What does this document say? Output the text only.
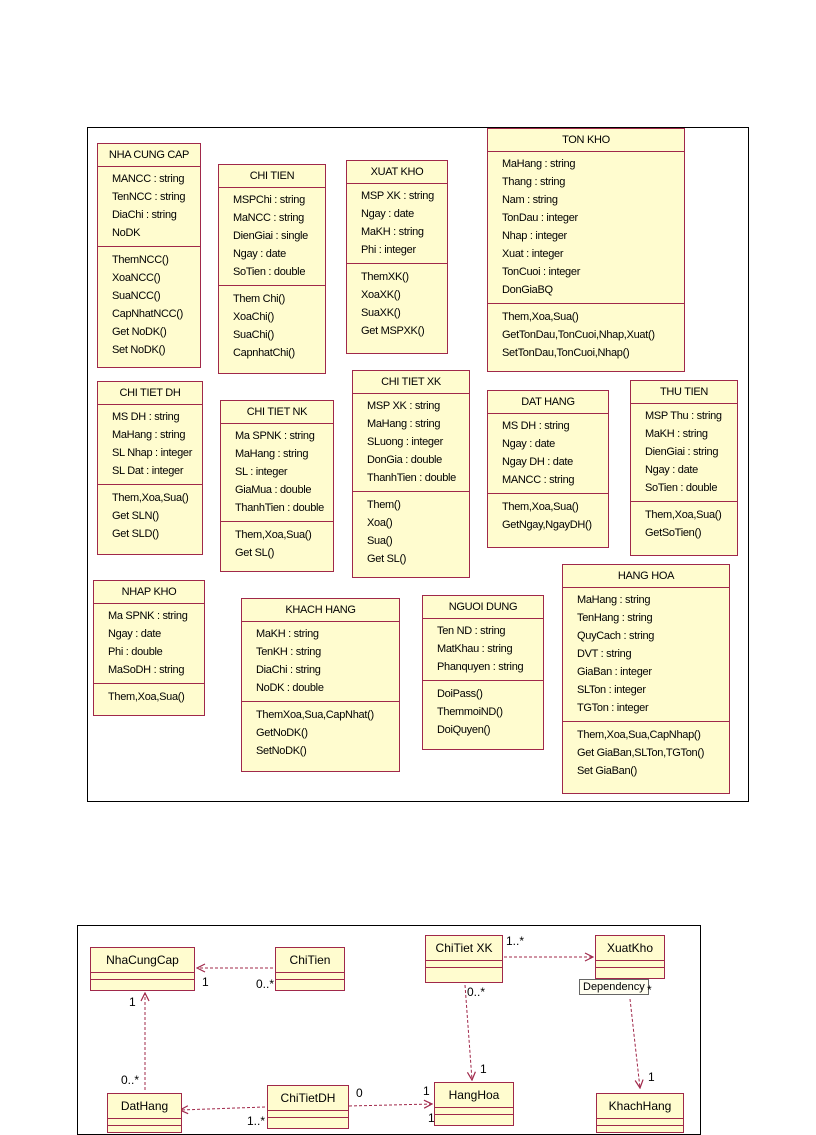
NHA CUNG CAP
MANCC : string
TenNCC : string
DiaChi : string
NoDK
ThemNCC()
XoaNCC()
SuaNCC()
CapNhatNCC()
Get NoDK()
Set NoDK()
CHI TIEN
MSPChi : string
MaNCC : string
DienGiai : single
Ngay : date
SoTien : double
Them Chi()
XoaChi()
SuaChi()
CapnhatChi()
XUAT KHO
MSP XK : string
Ngay : date
MaKH : string
Phi : integer
ThemXK()
XoaXK()
SuaXK()
Get MSPXK()
TON KHO
MaHang : string
Thang : string
Nam : string
TonDau : integer
Nhap : integer
Xuat : integer
TonCuoi : integer
DonGiaBQ
Them,Xoa,Sua()
GetTonDau,TonCuoi,Nhap,Xuat()
SetTonDau,TonCuoi,Nhap()
CHI TIET DH
MS DH : string
MaHang : string
SL Nhap : integer
SL Dat : integer
Them,Xoa,Sua()
Get SLN()
Get SLD()
CHI TIET NK
Ma SPNK : string
MaHang : string
SL : integer
GiaMua : double
ThanhTien : double
Them,Xoa,Sua()
Get SL()
CHI TIET XK
MSP XK : string
MaHang : string
SLuong : integer
DonGia : double
ThanhTien : double
Them()
Xoa()
Sua()
Get SL()
DAT HANG
MS DH : string
Ngay : date
Ngay DH : date
MANCC : string
Them,Xoa,Sua()
GetNgay,NgayDH()
THU TIEN
MSP Thu : string
MaKH : string
DienGiai : string
Ngay : date
SoTien : double
Them,Xoa,Sua()
GetSoTien()
NHAP KHO
Ma SPNK : string
Ngay : date
Phi : double
MaSoDH : string
Them,Xoa,Sua()
KHACH HANG
MaKH : string
TenKH : string
DiaChi : string
NoDK : double
ThemXoa,Sua,CapNhat()
GetNoDK()
SetNoDK()
NGUOI DUNG
Ten ND : string
MatKhau : string
Phanquyen : string
DoiPass()
ThemmoiND()
DoiQuyen()
HANG HOA
MaHang : string
TenHang : string
QuyCach : string
DVT : string
GiaBan : integer
SLTon : integer
TGTon : integer
Them,Xoa,Sua,CapNhap()
Get GiaBan,SLTon,TGTon()
Set GiaBan()
NhaCungCap	ChiTien
ChiTiet XK	XuatKho
Dependency
DatHang
ChiTietDH	HangHoa
KhachHang
1	0..*
1
0..*
1..*
0..*	*
1
1
0	1
1..*	1
